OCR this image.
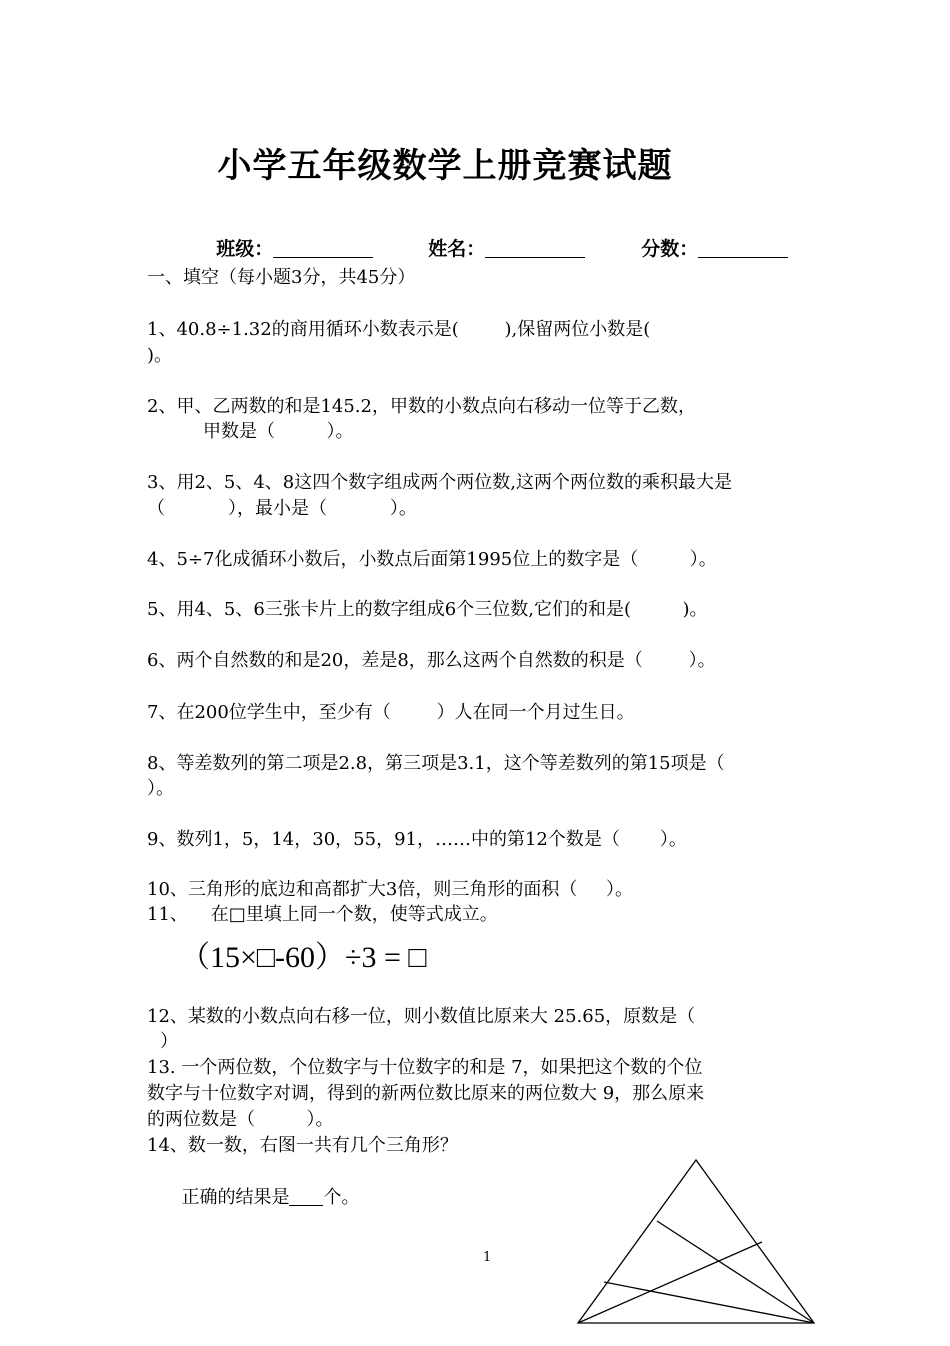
小学五年级数学上册竞赛试题

班级：	姓名：	分数：

一、填空（每小题3分，共45分）
1、40.8÷1.32的商用循环小数表示是(        ),保留两位小数是(
)。
2、甲、乙两数的和是145.2，甲数的小数点向右移动一位等于乙数，
甲数是（         ）。
3、用2、5、4、8这四个数字组成两个两位数,这两个两位数的乘积最大是
（           ），最小是（           ）。
4、5÷7化成循环小数后，小数点后面第1995位上的数字是（         ）。
5、用4、5、6三张卡片上的数字组成6个三位数,它们的和是(         )。
6、两个自然数的和是20，差是8，那么这两个自然数的积是（        ）。
7、在200位学生中，至少有（        ）人在同一个月过生日。
8、等差数列的第二项是2.8，第三项是3.1，这个等差数列的第15项是（
）。
9、数列1，5，14，30，55，91，……中的第12个数是（       ）。
10、三角形的底边和高都扩大3倍，则三角形的面积（     ）。
11、    在□里填上同一个数，使等式成立。
（15×□-60）÷3 = □
12、某数的小数点向右移一位，则小数值比原来大 25.65，原数是（
）
13. 一个两位数，个位数字与十位数字的和是 7，如果把这个数的个位
数字与十位数字对调，得到的新两位数比原来的两位数大 9，那么原来
的两位数是（         ）。
14、数一数，右图一共有几个三角形？

正确的结果是 个。

1
